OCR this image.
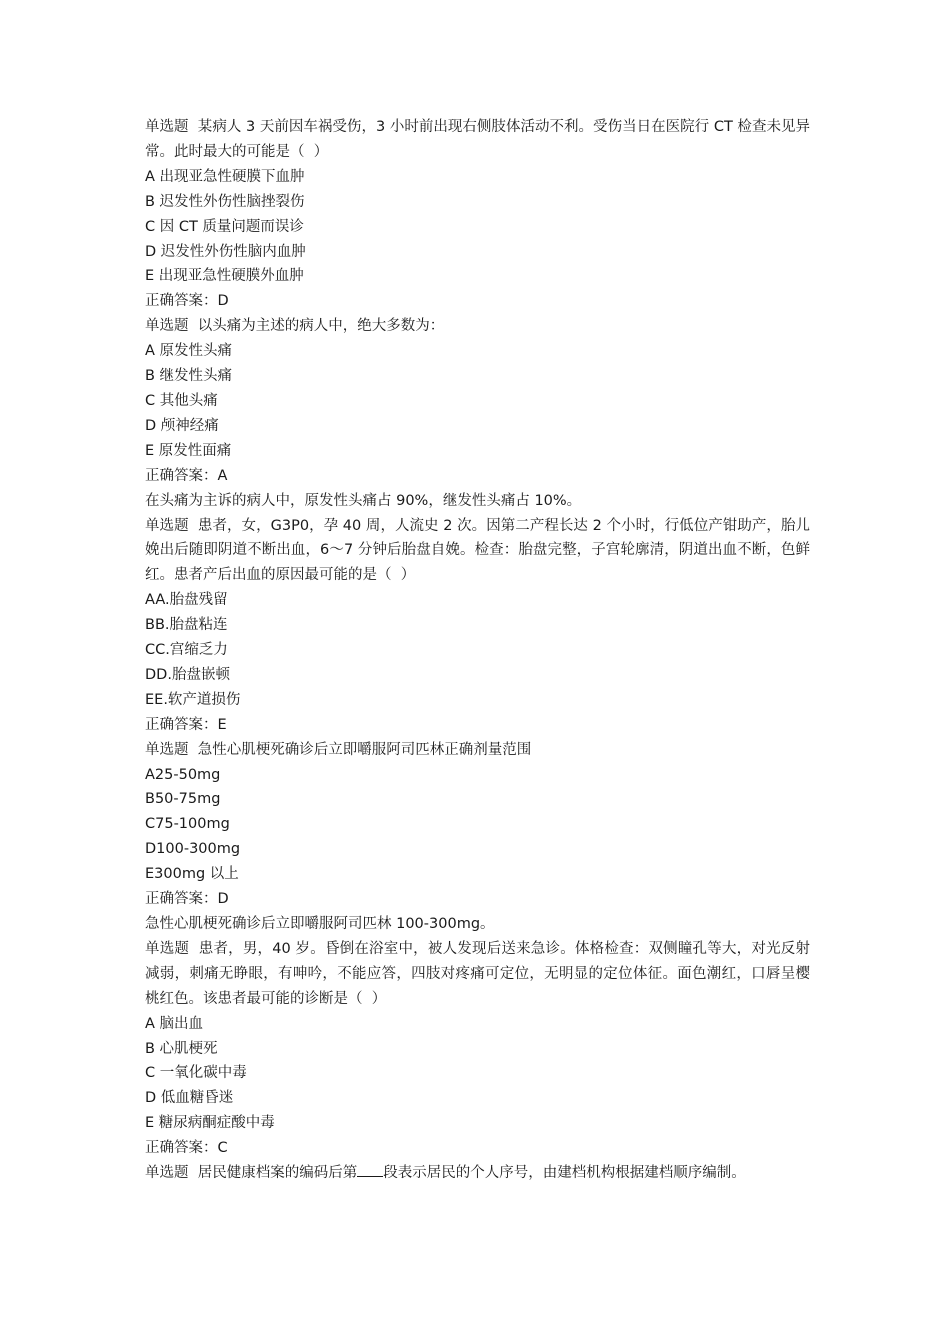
单选题  某病人 3 天前因车祸受伤，3 小时前出现右侧肢体活动不利。受伤当日在医院行 CT 检查未见异常。此时最大的可能是（  ）
A 出现亚急性硬膜下血肿
B 迟发性外伤性脑挫裂伤
C 因 CT 质量问题而误诊
D 迟发性外伤性脑内血肿
E 出现亚急性硬膜外血肿
正确答案：D
单选题  以头痛为主述的病人中，绝大多数为：
A 原发性头痛
B 继发性头痛
C 其他头痛
D 颅神经痛
E 原发性面痛
正确答案：A
在头痛为主诉的病人中，原发性头痛占 90%，继发性头痛占 10%。
单选题  患者，女，G3P0，孕 40 周，人流史 2 次。因第二产程长达 2 个小时，行低位产钳助产，胎儿娩出后随即阴道不断出血，6～7 分钟后胎盘自娩。检查：胎盘完整，子宫轮廓清，阴道出血不断，色鲜红。患者产后出血的原因最可能的是（  ）
AA.胎盘残留
BB.胎盘粘连
CC.宫缩乏力
DD.胎盘嵌顿
EE.软产道损伤
正确答案：E
单选题  急性心肌梗死确诊后立即嚼服阿司匹林正确剂量范围
A25-50mg
B50-75mg
C75-100mg
D100-300mg
E300mg 以上
正确答案：D
急性心肌梗死确诊后立即嚼服阿司匹林 100-300mg。
单选题  患者，男，40 岁。昏倒在浴室中，被人发现后送来急诊。体格检查：双侧瞳孔等大，对光反射减弱，刺痛无睁眼，有呻吟，不能应答，四肢对疼痛可定位，无明显的定位体征。面色潮红，口唇呈樱桃红色。该患者最可能的诊断是（  ）
A 脑出血
B 心肌梗死
C 一氧化碳中毒
D 低血糖昏迷
E 糖尿病酮症酸中毒
正确答案：C
单选题  居民健康档案的编码后第 段表示居民的个人序号，由建档机构根据建档顺序编制。
